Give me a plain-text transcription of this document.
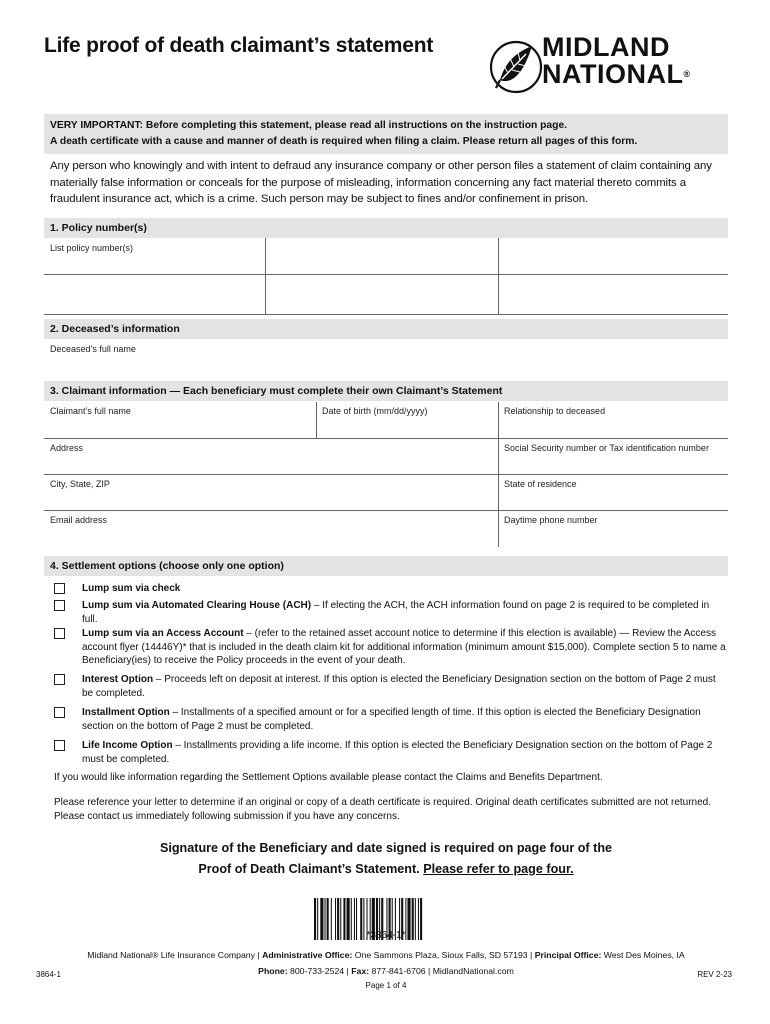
Life proof of death claimant’s statement	MIDLAND
NATIONAL®
VERY IMPORTANT: Before completing this statement, please read all instructions on the instruction page.
A death certificate with a cause and manner of death is required when filing a claim. Please return all pages of this form.
Any person who knowingly and with intent to defraud any insurance company or other person files a statement of claim containing any materially false information or conceals for the purpose of misleading, information concerning any fact material thereto commits a fraudulent insurance act, which is a crime. Such person may be subject to fines and/or confinement in prison.
1. Policy number(s)
List policy number(s)
2. Deceased’s information
Deceased’s full name
3. Claimant information — Each beneficiary must complete their own Claimant’s Statement
Claimant’s full name	Date of birth (mm/dd/yyyy)	Relationship to deceased
Address	Social Security number or Tax identification number
City, State, ZIP	State of residence
Email address	Daytime phone number
4. Settlement options (choose only one option)
Lump sum via check
Lump sum via Automated Clearing House (ACH) – If electing the ACH, the ACH information found on page 2 is required to be completed in full.
Lump sum via an Access Account – (refer to the retained asset account notice to determine if this election is available) — Review the Access account flyer (14446Y)* that is included in the death claim kit for additional information (minimum amount $15,000). Complete section 5 to name a Beneficiary(ies) to receive the Policy proceeds in the event of your death.
Interest Option – Proceeds left on deposit at interest. If this option is elected the Beneficiary Designation section on the bottom of Page 2 must be completed.
Installment Option – Installments of a specified amount or for a specified length of time. If this option is elected the Beneficiary Designation section on the bottom of Page 2 must be completed.
Life Income Option – Installments providing a life income. If this option is elected the Beneficiary Designation section on the bottom of Page 2 must be completed.
If you would like information regarding the Settlement Options available please contact the Claims and Benefits Department.
Please reference your letter to determine if an original or copy of a death certificate is required. Original death certificates submitted are not returned. Please contact us immediately following submission if you have any concerns.
Signature of the Beneficiary and date signed is required on page four of the
Proof of Death Claimant’s Statement. Please refer to page four.
*3864-1*
Midland National® Life Insurance Company | Administrative Office: One Sammons Plaza, Sioux Falls, SD 57193 | Principal Office: West Des Moines, IA
Phone: 800-733-2524 | Fax: 877-841-6706 | MidlandNational.com
Page 1 of 4
3864-1	REV 2-23
